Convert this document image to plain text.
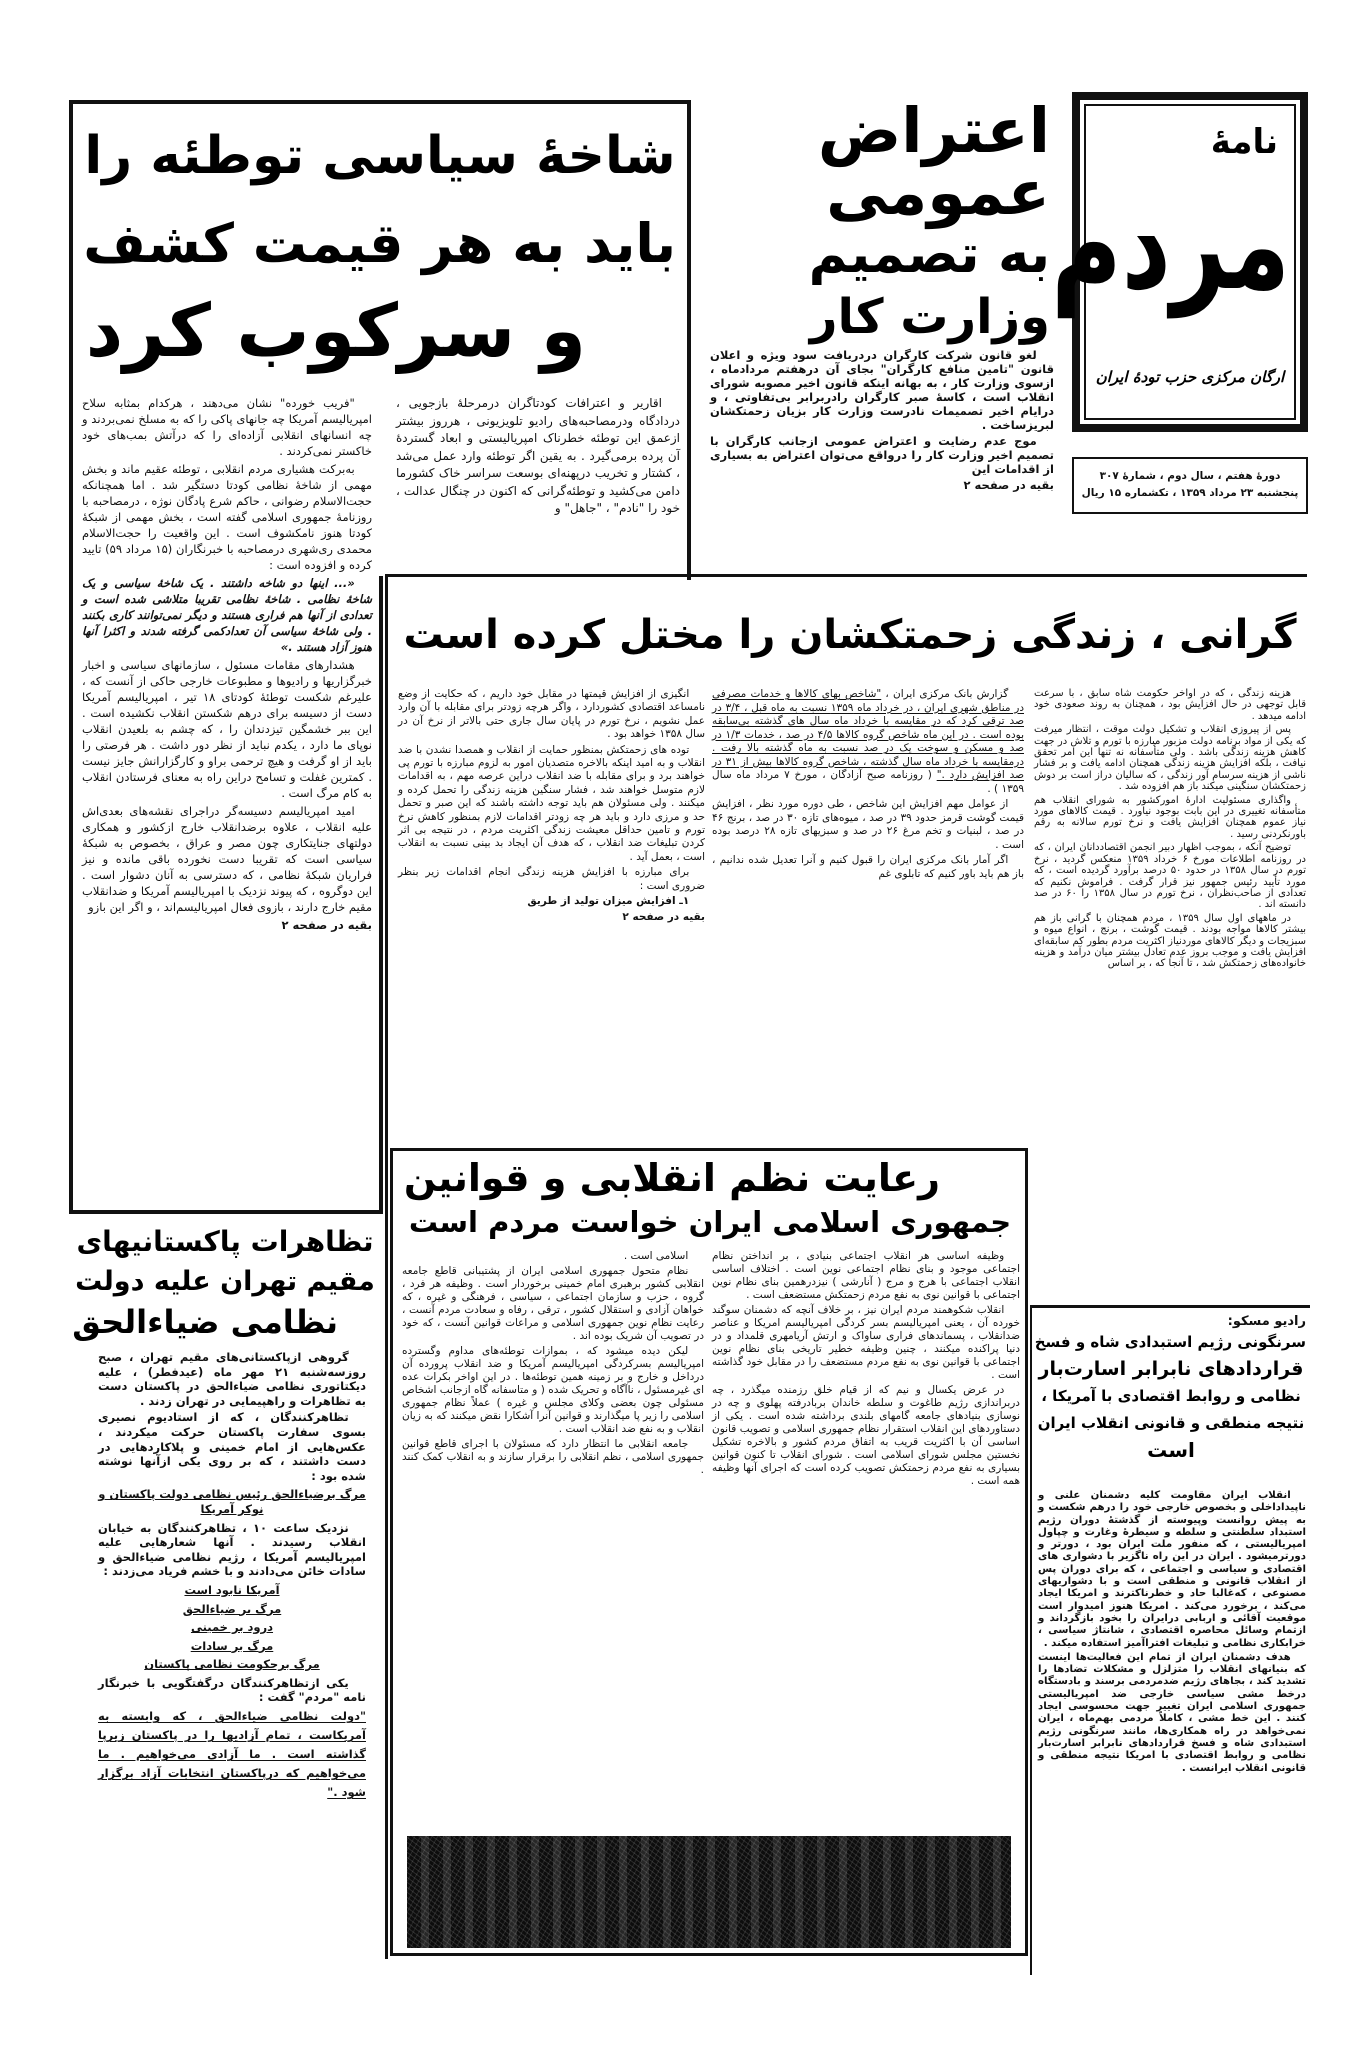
نامهٔ
مردم
ارگان مرکزی حزب تودهٔ ایران
دورهٔ هفتم ، سال دوم ، شمارهٔ ۳۰۷
پنجشنبه ۲۳ مرداد ۱۳۵۹ ، تکشماره ۱۵ ریال
اعتراض
عمومی
به تصمیم
وزارت کار

لغو قانون شرکت کارگران دردریافت سود ویژه و اعلان قانون "تامین منافع کارگران" بجای آن درهفتم مردادماه ، ازسوی وزارت کار ، به بهانه اینکه قانون اخیر مصوبه شورای انقلاب است ، کاسهٔ صبر کارگران رادربرابر بی‌تفاوتی ، و درایام اخیر تصمیمات نادرست وزارت کار بزیان زحمتکشان لبریزساخت .

موج عدم رضایت و اعتراض عمومی ازجانب کارگران با تصمیم اخیر وزارت کار را درواقع می‌توان اعتراض به بسیاری از اقدامات این

بقیه در صفحه ۲

شاخهٔ سیاسی توطئه را
باید به هر قیمت کشف
و سرکوب کرد

اقاریر و اعترافات کودتاگران درمرحلهٔ بازجویی ، دردادگاه ودرمصاحبه‌های رادیو تلویزیونی ، هرروز بیشتر ازعمق این توطئه خطرناک امپریالیستی و ابعاد گستردهٔ آن پرده برمی‌گیرد . به یقین اگر توطئه وارد عمل می‌شد ، کشتار و تخریب درپهنه‌ای بوسعت سراسر خاک کشورما دامن می‌کشید و توطئه‌گرانی که اکنون در چنگال عدالت ، خود را "نادم" ، "جاهل" و

"فریب خورده" نشان می‌دهند ، هرکدام بمثابه سلاح امپریالیسم آمریکا چه جانهای پاکی را که به مسلخ نمی‌بردند و چه انسانهای انقلابی آزاده‌ای را که درآتش بمب‌های خود خاکستر نمی‌کردند .

به‌برکت هشیاری مردم انقلابی ، توطئه عقیم ماند و بخش مهمی از شاخهٔ نظامی کودتا دستگیر شد . اما همچنانکه حجت‌الاسلام رضوانی ، حاکم شرع پادگان نوژه ، درمصاحبه با روزنامهٔ جمهوری اسلامی گفته است ، بخش مهمی از شبکهٔ کودتا هنوز نامکشوف است . این واقعیت را حجت‌الاسلام محمدی ری‌شهری درمصاحبه با خبرنگاران (۱۵ مرداد ۵۹) تایید کرده و افزوده است :

«... اینها دو شاخه داشتند . یک شاخهٔ سیاسی و یک شاخهٔ نظامی . شاخهٔ نظامی تقریبا متلاشی شده است و تعدادی از آنها هم فراری هستند و دیگر نمی‌توانند کاری بکنند . ولی شاخهٔ سیاسی آن تعدادکمی گرفته شدند و اکثرا آنها هنوز آزاد هستند .»

هشدارهای مقامات مسئول ، سازمانهای سیاسی و اخبار خبرگزاریها و رادیوها و مطبوعات خارجی حاکی از آنست که ، علیرغم شکست توطئهٔ کودتای ۱۸ تیر ، امپریالیسم آمریکا دست از دسیسه برای درهم شکستن انقلاب نکشیده است . این ببر خشمگین تیزدندان را ، که چشم به بلعیدن انقلاب نوپای ما دارد ، یکدم نباید از نظر دور داشت . هر فرصتی را باید از او گرفت و هیچ ترحمی براو و کارگزارانش جایز نیست . کمترین غفلت و تسامح دراین راه به معنای فرستادن انقلاب به کام مرگ است .

امید امپریالیسم دسیسه‌گر دراجرای نقشه‌های بعدی‌اش علیه انقلاب ، علاوه برضدانقلاب خارج ازکشور و همکاری دولتهای جنایتکاری چون مصر و عراق ، بخصوص به شبکهٔ سیاسی است که تقریبا دست نخورده باقی مانده و نیز فراریان شبکهٔ نظامی ، که دسترسی به آنان دشوار است . این دوگروه ، که پیوند نزدیک با امپریالیسم آمریکا و ضدانقلاب مقیم خارج دارند ، بازوی فعال امپریالیسم‌اند ، و اگر این بازو

بقیه در صفحه ۲

گرانی ، زندگی زحمتکشان را مختل کرده است

هزینه زندگی ، که در اواخر حکومت شاه سابق ، با سرعت قابل توجهی در حال افزایش بود ، همچنان به روند صعودی خود ادامه میدهد .

پس از پیروزی انقلاب و تشکیل دولت موقت ، انتظار میرفت که یکی از مواد برنامه دولت مزبور مبارزه با تورم و تلاش در جهت کاهش هزینه زندگی باشد . ولی متأسفانه نه تنها این امر تحقق نیافت ، بلکه افزایش هزینه زندگی همچنان ادامه یافت و بر فشار ناشی از هزینه سرسام آور زندگی ، که سالیان دراز است بر دوش زحمتکشان سنگینی میکند باز هم افزوده شد .

واگذاری مسئولیت ادارهٔ امورکشور به شورای انقلاب هم متأسفانه تغییری در این بابت بوجود نیاورد . قیمت کالاهای مورد نیاز عموم همچنان افزایش یافت و نرخ تورم سالانه به رقم باورنکردنی رسید .

توضیح آنکه ، بموجب اظهار دبیر انجمن اقتصاددانان ایران ، که در روزنامه اطلاعات مورخ ۶ خرداد ۱۳۵۹ منعکس گردید ، نرخ تورم در سال ۱۳۵۸ در حدود ۵۰ درصد برآورد گردیده است ، که مورد تأیید رئیس جمهور نیز قرار گرفت . فراموش نکنیم که تعدادی از صاحب‌نظران ، نرخ تورم در سال ۱۳۵۸ را ۶۰ در صد دانسته اند .

در ماههای اول سال ۱۳۵۹ ، مردم همچنان با گرانی باز هم بیشتر کالاها مواجه بودند . قیمت گوشت ، برنج ، انواع میوه و سبزیجات و دیگر کالاهای موردنیاز اکثریت مردم بطور کم سابقه‌ای افزایش یافت و موجب بروز عدم تعادل بیشتر میان درآمد و هزینه خانواده‌های زحمتکش شد ، تا آنجا که ، بر اساس

گزارش بانک مرکزی ایران ، "شاخص بهای کالاها و خدمات مصرفی در مناطق شهری ایران ، در خرداد ماه ۱۳۵۹ نسبت به ماه قبل ، ۳/۴ در صد ترقی کرد که در مقایسه با خرداد ماه سال های گذشته بی‌سابقه بوده است . در این ماه شاخص گروه کالاها ۴/۵ در صد ، خدمات ۱/۳ در صد و مسکن و سوخت یک در صد نسبت به ماه گذشته بالا رفت . درمقایسه با خرداد ماه سال گذشته ، شاخص گروه کالاها بیش از ۳۱ در صد افزایش دارد ." ( روزنامه صبح آزادگان ، مورخ ۷ مرداد ماه سال ۱۳۵۹ ) .

از عوامل مهم افزایش این شاخص ، طی دوره مورد نظر ، افزایش قیمت گوشت قرمز حدود ۳۹ در صد ، میوه‌های تازه ۳۰ در صد ، برنج ۴۶ در صد ، لبنیات و تخم مرغ ۲۶ در صد و سبزیهای تازه ۲۸ درصد بوده است .

اگر آمار بانک مرکزی ایران را قبول کنیم و آنرا تعدیل شده ندانیم ، باز هم باید باور کنیم که تابلوی غم

انگیزی از افزایش قیمتها در مقابل خود داریم ، که حکایت از وضع نامساعد اقتصادی کشوردارد ، واگر هرچه زودتر برای مقابله با آن وارد عمل نشویم ، نرخ تورم در پایان سال جاری حتی بالاتر از نرخ آن در سال ۱۳۵۸ خواهد بود .

توده های زحمتکش بمنظور حمایت از انقلاب و همصدا نشدن با ضد انقلاب و به امید اینکه بالاخره متصدیان امور به لزوم مبارزه با تورم پی خواهند برد و برای مقابله با ضد انقلاب دراین عرصه مهم ، به اقدامات لازم متوسل خواهند شد ، فشار سنگین هزینه زندگی را تحمل کرده و میکنند . ولی مسئولان هم باید توجه داشته باشند که این صبر و تحمل حد و مرزی دارد و باید هر چه زودتر اقدامات لازم بمنظور کاهش نرخ تورم و تامین حداقل معیشت زندگی اکثریت مردم ، در نتیجه بی اثر کردن تبلیغات ضد انقلاب ، که هدف آن ایجاد بد بینی نسبت به انقلاب است ، بعمل آید .

برای مبارزه با افزایش هزینه زندگی انجام اقدامات زیر بنظر ضروری است :

۱ـ افزایش میزان تولید از طریق

بقیه در صفحه ۲

رعایت نظم انقلابی و قوانین
جمهوری اسلامی ایران خواست مردم است

وظیفه اساسی هر انقلاب اجتماعی بنیادی ، بر انداختن نظام اجتماعی موجود و بنای نظام اجتماعی نوین است . اختلاف اساسی انقلاب اجتماعی با هرج و مرج ( آنارشی ) نیزدرهمین بنای نظام نوین اجتماعی با قوانین نوی به نفع مردم زحمتکش مستضعف است .

انقلاب شکوهمند مردم ایران نیز ، بر خلاف آنچه که دشمنان سوگند خورده آن ، یعنی امپریالیسم بسر کردگی امپریالیسم امریکا و عناصر ضدانقلاب ، پسماندهای فراری ساواک و ارتش آریامهری قلمداد و در دنیا پراکنده میکنند ، چنین وظیفه خطیر تاریخی بنای نظام نوین اجتماعی با قوانین نوی به نفع مردم مستضعف را در مقابل خود گذاشته است .

در عرض یکسال و نیم که از قیام خلق رزمنده میگذرد ، چه دربراندازی رژیم طاغوت و سلطه خاندان بربادرفته پهلوی و چه در نوسازی بنیادهای جامعه گامهای بلندی برداشته شده است . یکی از دستاوردهای این انقلاب استقرار نظام جمهوری اسلامی و تصویب قانون اساسی آن با اکثریت قریب به اتفاق مردم کشور و بالاخره تشکیل نخستین مجلس شورای اسلامی است . شورای انقلاب تا کنون قوانین بسیاری به نفع مردم زحمتکش تصویب کرده است که اجرای آنها وظیفه همه است .

اسلامی است .

نظام متحول جمهوری اسلامی ایران از پشتیبانی قاطع جامعه انقلابی کشور برهبری امام خمینی برخوردار است . وظیفه هر فرد ، گروه ، حزب و سازمان اجتماعی ، سیاسی ، فرهنگی و غیره ، که خواهان آزادی و استقلال کشور ، ترقی ، رفاه و سعادت مردم آنست ، رعایت نظام نوین جمهوری اسلامی و مراعات قوانین آنست ، که خود در تصویب آن شریک بوده اند .

لیکن دیده میشود که ، بموازات توطئه‌های مداوم وگسترده امپریالیسم بسرکردگی امپریالیسم آمریکا و ضد انقلاب پرورده آن درداخل و خارج و بر زمینه همین توطئه‌ها . در این اواخر بکرات عده ای غیرمسئول ، ناآگاه و تحریک شده ( و متاسفانه گاه ازجانب اشخاص مسئولی چون بعضی وکلای مجلس و غیره ) عملاً نظام جمهوری اسلامی را زیر پا میگذارند و قوانین آنرا آشکارا نقض میکنند که به زیان انقلاب و به نفع ضد انقلاب است .

جامعه انقلابی ما انتظار دارد که مسئولان با اجرای قاطع قوانین جمهوری اسلامی ، نظم انقلابی را برقرار سازند و به انقلاب کمک کنند .

رادیو مسکو:
سرنگونی رژیم استبدادی شاه و فسخ
قراردادهای نابرابر اسارت‌بار
نظامی و روابط اقتصادی با آمریکا ،
نتیجه منطقی و قانونی انقلاب ایران
است

انقلاب ایران مقاومت کلیه دشمنان علنی و ناپیداداخلی و بخصوص خارجی خود را درهم شکست و به پیش روانست وپیوسته از گذشتهٔ دوران رژیم استبداد سلطنتی و سلطه و سیطرهٔ وغارت و چپاول امپریالیستی ، که منفور ملت ایران بود ، دورتر و دورترمیشود . ایران در این راه ناگزیر با دشواری های اقتصادی و سیاسی و اجتماعی ، که برای دوران پس از انقلاب قانونی و منطقی است و با دشواریهای مصنوعی ، که‌غالبا حاد و خطرناکترند و امریکا ایجاد می‌کند ، برخورد می‌کند . امریکا هنوز امیدوار است موقعیت آقائی و اربابی درایران را بخود بازگرداند و ازتمام وسائل محاصره اقتصادی ، شانتاژ سیاسی ، خرابکاری نظامی و تبلیغات افتراآمیز استفاده میکند .

هدف دشمنان ایران از تمام این فعالیت‌ها اینست که بنیانهای انقلاب را متزلزل و مشکلات تضادها را تشدید کند ، بجاهای رژیم ضدمردمی برسند و بادستگاه درخط مشی سیاسی خارجی ضد امپریالیستی جمهوری اسلامی ایران تغییر جهت محسوسی ایجاد کنند . این خط مشی ، کاملاً مردمی بهم‌ماه ، ایران نمی‌خواهد در راه همکاری‌ها، مانند سرنگونی رژیم استبدادی شاه و فسخ قراردادهای نابرابر اسارت‌بار نظامی و روابط اقتصادی با امریکا نتیجه منطقی و قانونی انقلاب ایرانست .

تظاهرات پاکستانیهای
مقیم تهران علیه دولت
نظامی ضیاءالحق

گروهی ازپاکستانی‌های مقیم تهران ، صبح روزسه‌شنبه ۲۱ مهر ماه (عیدفطر) ، علیه دیکتاتوری نظامی ضیاءالحق در پاکستان دست به تظاهرات و راهپیمایی در تهران زدند .

تظاهرکنندگان ، که از استادیوم نصیری بسوی سفارت پاکستان حرکت میکردند ، عکس‌هایی از امام خمینی و پلاکاردهایی در دست داشتند ، که بر روی یکی ازآنها نوشته شده بود :

مرگ برضیاءالحق رئیس نظامی دولت پاکستان و نوکر آمریکا

نزدیک ساعت ۱۰ ، تظاهرکنندگان به خیابان انقلاب رسیدند . آنها شعارهایی علیه امپریالیسم آمریکا ، رژیم نظامی ضیاءالحق و سادات خائن می‌دادند و با خشم فریاد می‌زدند :

آمریکا نابود است

مرگ بر ضیاءالحق

درود بر خمینی

مرگ بر سادات

مرگ برحکومت نظامی پاکستان

یکی ازتظاهرکنندگان درگفتگویی با خبرنگار نامه "مردم" گفت :

"دولت نظامی ضیاءالحق ، که وابسته به آمریکاست ، تمام آزادیها را در پاکستان زیرپا گذاشته است . ما آزادی می‌خواهیم . ما می‌خواهیم که درپاکستان انتخابات آزاد برگزار شود ."
